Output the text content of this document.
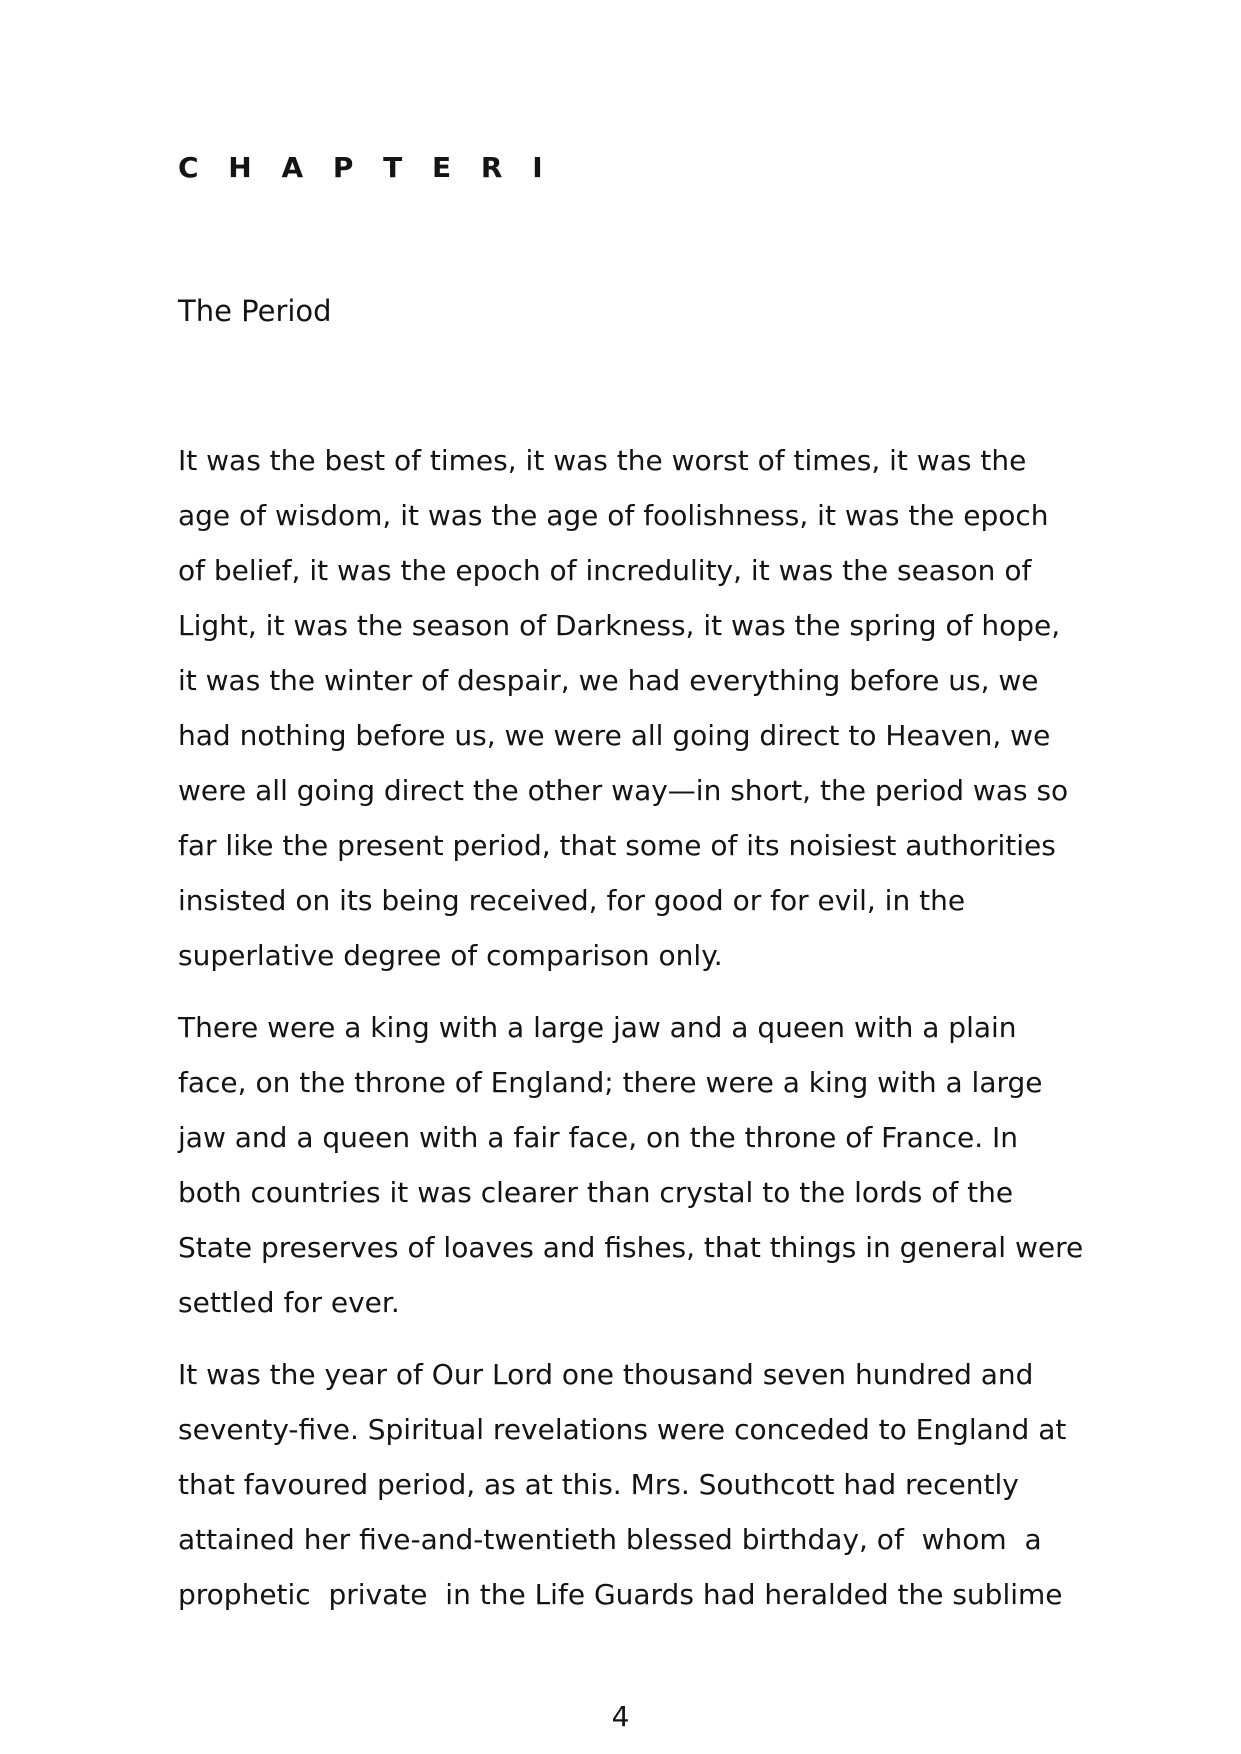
C H A P T E R I
The Period

It was the best of times, it was the worst of times, it was the
age of wisdom, it was the age of foolishness, it was the epoch
of belief, it was the epoch of incredulity, it was the season of
Light, it was the season of Darkness, it was the spring of hope,
it was the winter of despair, we had everything before us, we
had nothing before us, we were all going direct to Heaven, we
were all going direct the other way—in short, the period was so
far like the present period, that some of its noisiest authorities
insisted on its being received, for good or for evil, in the
superlative degree of comparison only.

There were a king with a large jaw and a queen with a plain
face, on the throne of England; there were a king with a large
jaw and a queen with a fair face, on the throne of France. In
both countries it was clearer than crystal to the lords of the
State preserves of loaves and fishes, that things in general were
settled for ever.

It was the year of Our Lord one thousand seven hundred and
seventy-five. Spiritual revelations were conceded to England at
that favoured period, as at this. Mrs. Southcott had recently
attained her five-and-twentieth blessed birthday, of  whom  a
prophetic  private  in the Life Guards had heralded the sublime

4
